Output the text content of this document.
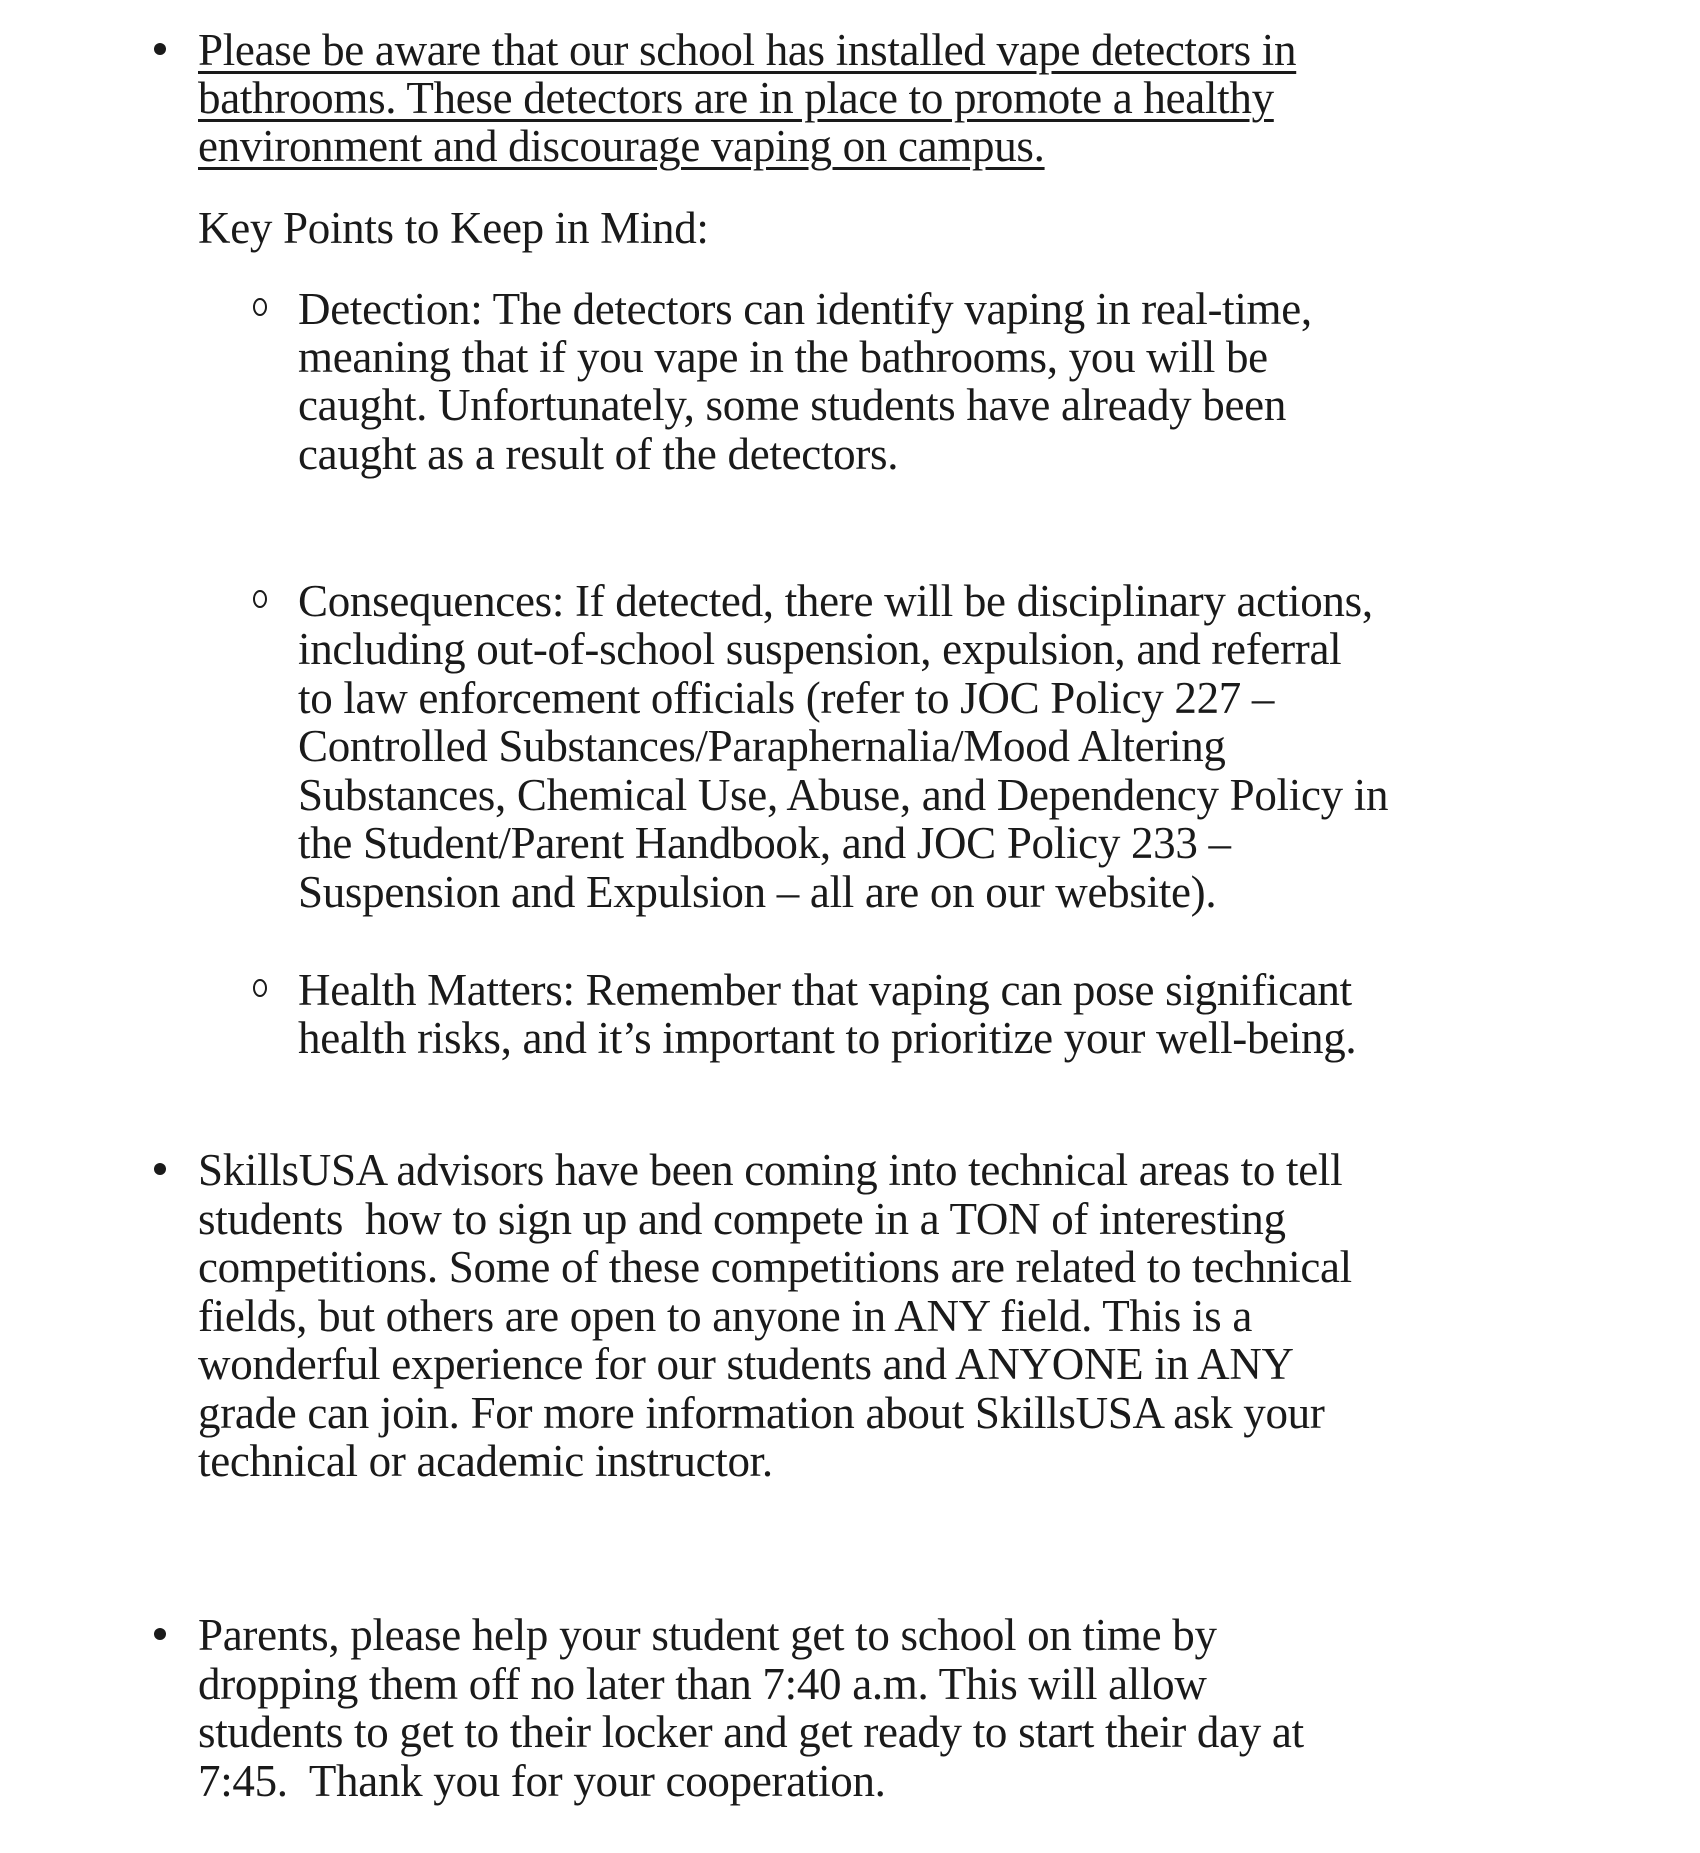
Please be aware that our school has installed vape detectors in
bathrooms. These detectors are in place to promote a healthy
environment and discourage vaping on campus.
Key Points to Keep in Mind:
Detection: The detectors can identify vaping in real-time,
meaning that if you vape in the bathrooms, you will be
caught. Unfortunately, some students have already been
caught as a result of the detectors.
Consequences: If detected, there will be disciplinary actions,
including out-of-school suspension, expulsion, and referral
to law enforcement officials (refer to JOC Policy 227 –
Controlled Substances/Paraphernalia/Mood Altering
Substances, Chemical Use, Abuse, and Dependency Policy in
the Student/Parent Handbook, and JOC Policy 233 –
Suspension and Expulsion – all are on our website).
Health Matters: Remember that vaping can pose significant
health risks, and it’s important to prioritize your well-being.
SkillsUSA advisors have been coming into technical areas to tell
students  how to sign up and compete in a TON of interesting
competitions. Some of these competitions are related to technical
fields, but others are open to anyone in ANY field. This is a
wonderful experience for our students and ANYONE in ANY
grade can join. For more information about SkillsUSA ask your
technical or academic instructor.
Parents, please help your student get to school on time by
dropping them off no later than 7:40 a.m. This will allow
students to get to their locker and get ready to start their day at
7:45.  Thank you for your cooperation.
